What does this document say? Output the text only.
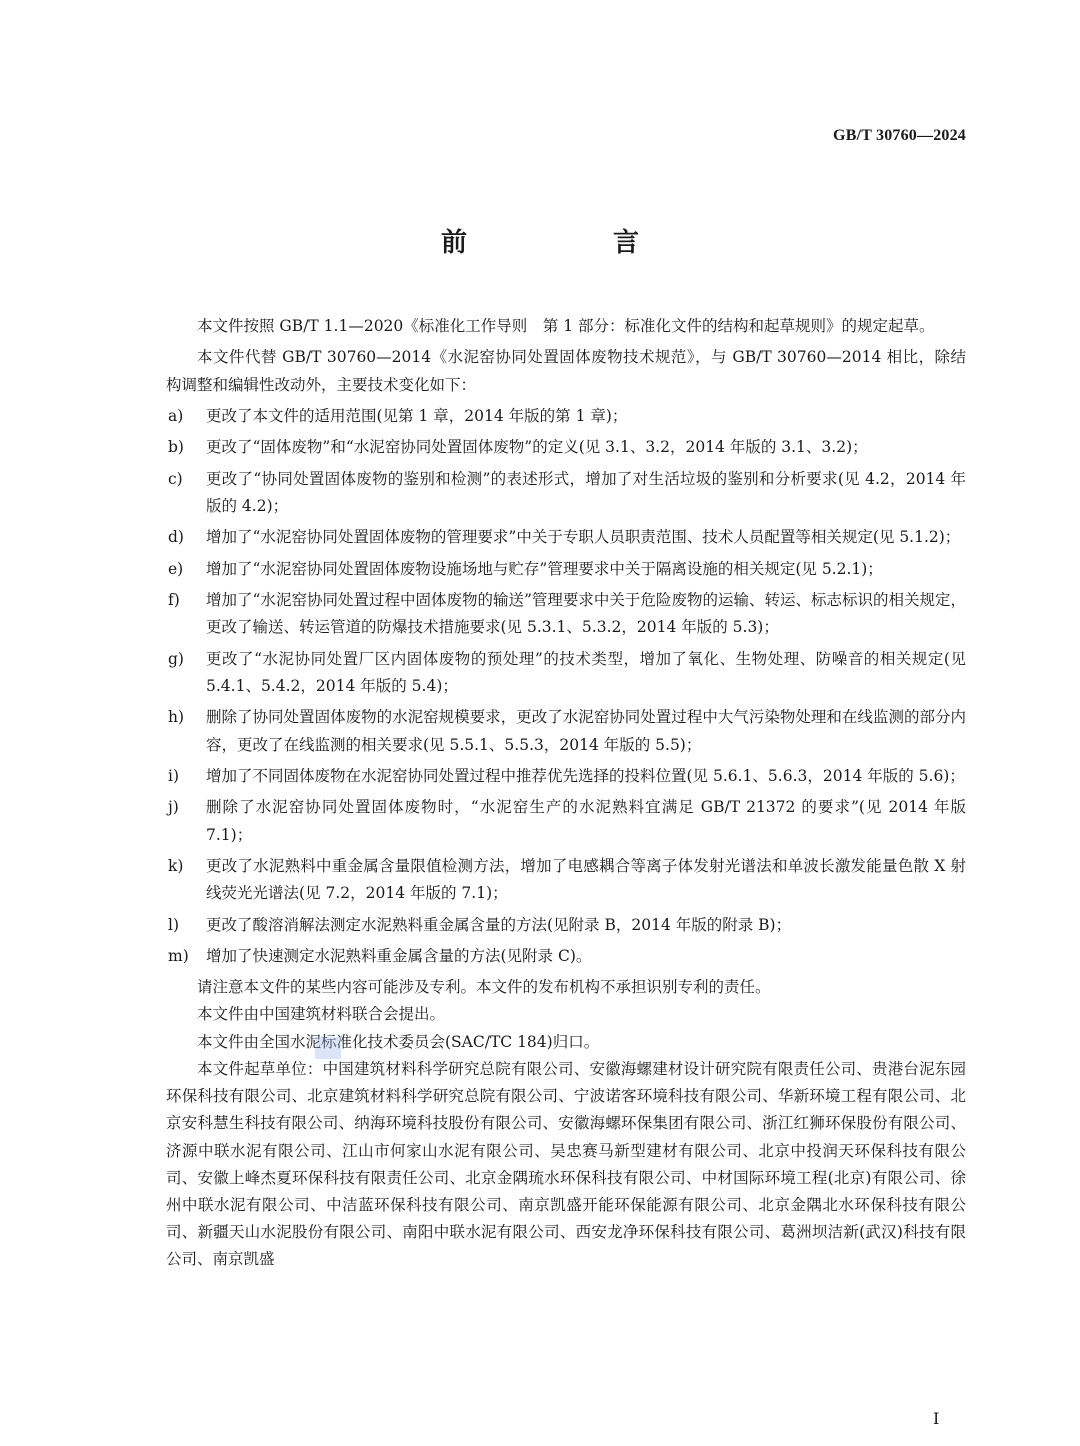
GB/T 30760—2024
前　言

本文件按照 GB/T 1.1—2020《标准化工作导则　第 1 部分：标准化文件的结构和起草规则》的规定起草。

本文件代替 GB/T 30760—2014《水泥窑协同处置固体废物技术规范》，与 GB/T 30760—2014 相比，除结构调整和编辑性改动外，主要技术变化如下：

a)	更改了本文件的适用范围(见第 1 章，2014 年版的第 1 章)；
b)	更改了“固体废物”和“水泥窑协同处置固体废物”的定义(见 3.1、3.2，2014 年版的 3.1、3.2)；
c)	更改了“协同处置固体废物的鉴别和检测”的表述形式，增加了对生活垃圾的鉴别和分析要求(见 4.2，2014 年版的 4.2)；
d)	增加了“水泥窑协同处置固体废物的管理要求”中关于专职人员职责范围、技术人员配置等相关规定(见 5.1.2)；
e)	增加了“水泥窑协同处置固体废物设施场地与贮存”管理要求中关于隔离设施的相关规定(见 5.2.1)；
f)	增加了“水泥窑协同处置过程中固体废物的输送”管理要求中关于危险废物的运输、转运、标志标识的相关规定，更改了输送、转运管道的防爆技术措施要求(见 5.3.1、5.3.2，2014 年版的 5.3)；
g)	更改了“水泥协同处置厂区内固体废物的预处理”的技术类型，增加了氧化、生物处理、防噪音的相关规定(见 5.4.1、5.4.2，2014 年版的 5.4)；
h)	删除了协同处置固体废物的水泥窑规模要求，更改了水泥窑协同处置过程中大气污染物处理和在线监测的部分内容，更改了在线监测的相关要求(见 5.5.1、5.5.3，2014 年版的 5.5)；
i)	增加了不同固体废物在水泥窑协同处置过程中推荐优先选择的投料位置(见 5.6.1、5.6.3，2014 年版的 5.6)；
j)	删除了水泥窑协同处置固体废物时，“水泥窑生产的水泥熟料宜满足 GB/T 21372 的要求”(见 2014 年版 7.1)；
k)	更改了水泥熟料中重金属含量限值检测方法，增加了电感耦合等离子体发射光谱法和单波长激发能量色散 X 射线荧光光谱法(见 7.2，2014 年版的 7.1)；
l)	更改了酸溶消解法测定水泥熟料重金属含量的方法(见附录 B，2014 年版的附录 B)；
m)	增加了快速测定水泥熟料重金属含量的方法(见附录 C)。

请注意本文件的某些内容可能涉及专利。本文件的发布机构不承担识别专利的责任。

本文件由中国建筑材料联合会提出。

本文件由全国水泥标准化技术委员会(SAC/TC 184)归口。

本文件起草单位：中国建筑材料科学研究总院有限公司、安徽海螺建材设计研究院有限责任公司、贵港台泥东园环保科技有限公司、北京建筑材料科学研究总院有限公司、宁波诺客环境科技有限公司、华新环境工程有限公司、北京安科慧生科技有限公司、纳海环境科技股份有限公司、安徽海螺环保集团有限公司、浙江红狮环保股份有限公司、济源中联水泥有限公司、江山市何家山水泥有限公司、吴忠赛马新型建材有限公司、北京中投润天环保科技有限公司、安徽上峰杰夏环保科技有限责任公司、北京金隅琉水环保科技有限公司、中材国际环境工程(北京)有限公司、徐州中联水泥有限公司、中洁蓝环保科技有限公司、南京凯盛开能环保能源有限公司、北京金隅北水环保科技有限公司、新疆天山水泥股份有限公司、南阳中联水泥有限公司、西安龙净环保科技有限公司、葛洲坝洁新(武汉)科技有限公司、南京凯盛

I
